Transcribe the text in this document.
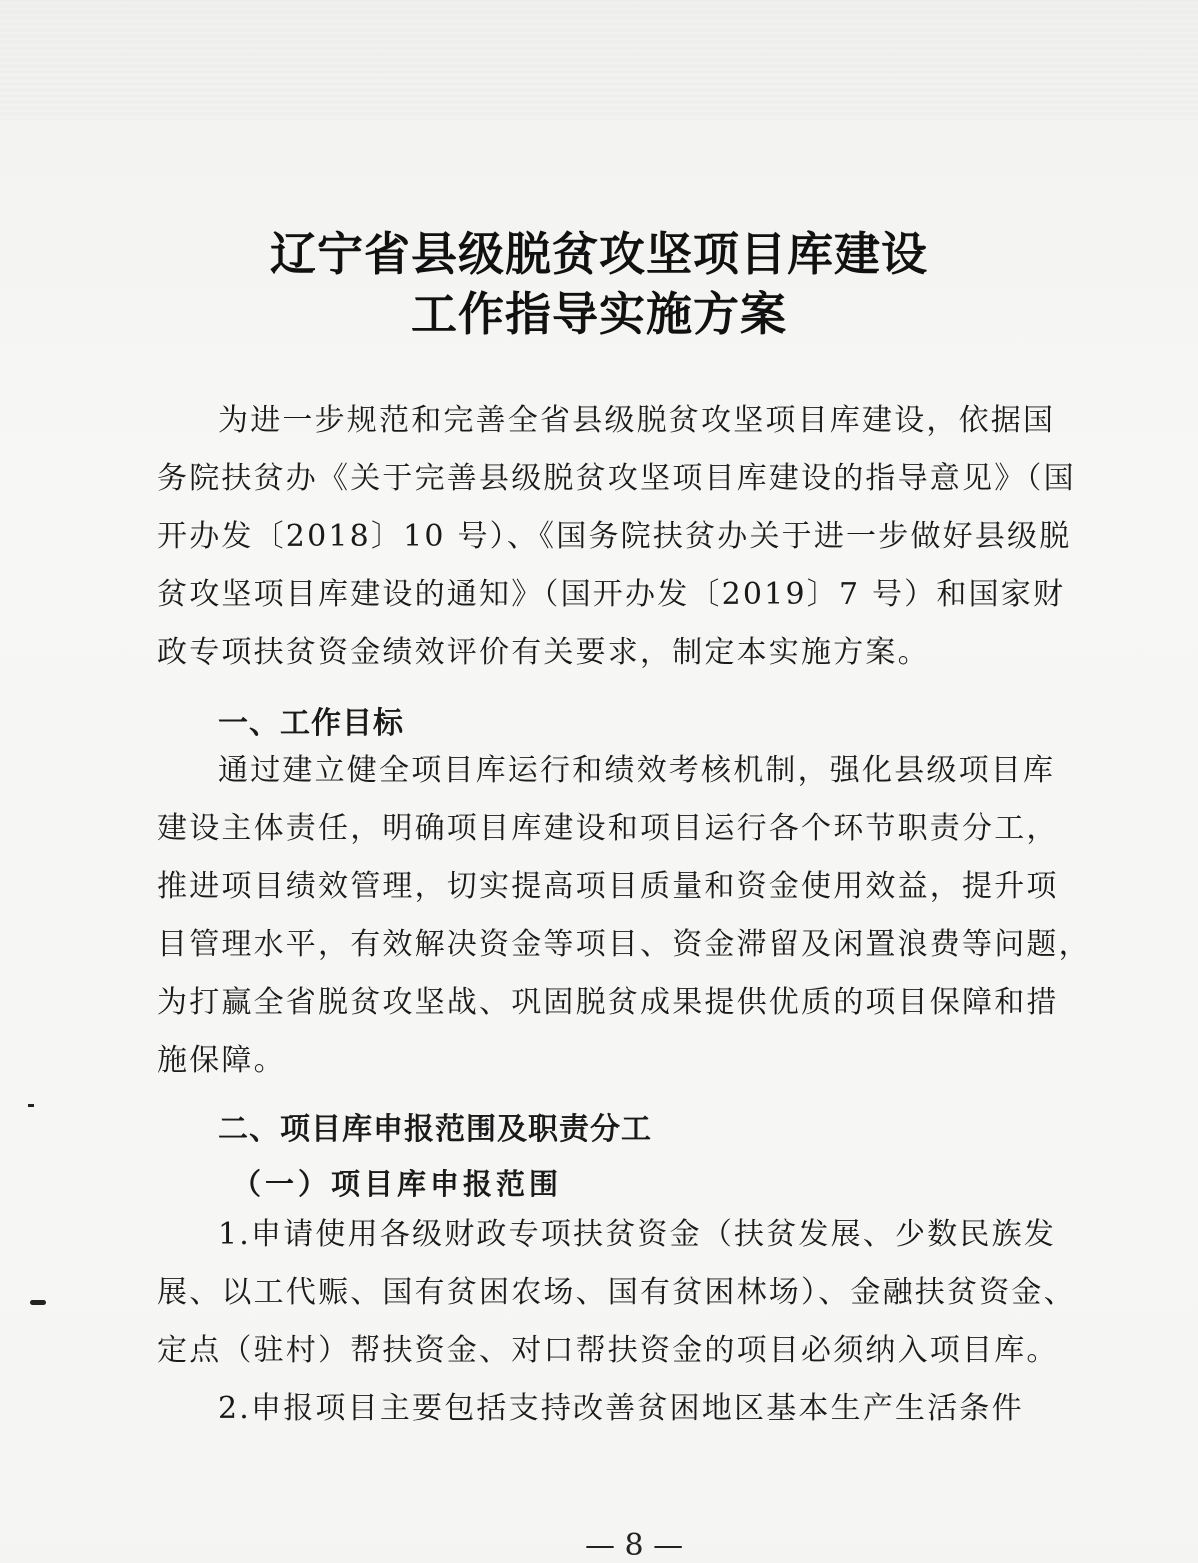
辽宁省县级脱贫攻坚项目库建设
工作指导实施方案
为进一步规范和完善全省县级脱贫攻坚项目库建设，依据国
务院扶贫办《关于完善县级脱贫攻坚项目库建设的指导意见》（国
开办发〔2018〕10 号）、《国务院扶贫办关于进一步做好县级脱
贫攻坚项目库建设的通知》（国开办发〔2019〕7 号）和国家财
政专项扶贫资金绩效评价有关要求，制定本实施方案。
一、工作目标
通过建立健全项目库运行和绩效考核机制，强化县级项目库
建设主体责任，明确项目库建设和项目运行各个环节职责分工，
推进项目绩效管理，切实提高项目质量和资金使用效益，提升项
目管理水平，有效解决资金等项目、资金滞留及闲置浪费等问题，
为打赢全省脱贫攻坚战、巩固脱贫成果提供优质的项目保障和措
施保障。
二、项目库申报范围及职责分工
（一）项目库申报范围
1.申请使用各级财政专项扶贫资金（扶贫发展、少数民族发
展、以工代赈、国有贫困农场、国有贫困林场）、金融扶贫资金、
定点（驻村）帮扶资金、对口帮扶资金的项目必须纳入项目库。
2.申报项目主要包括支持改善贫困地区基本生产生活条件
— 8 —
